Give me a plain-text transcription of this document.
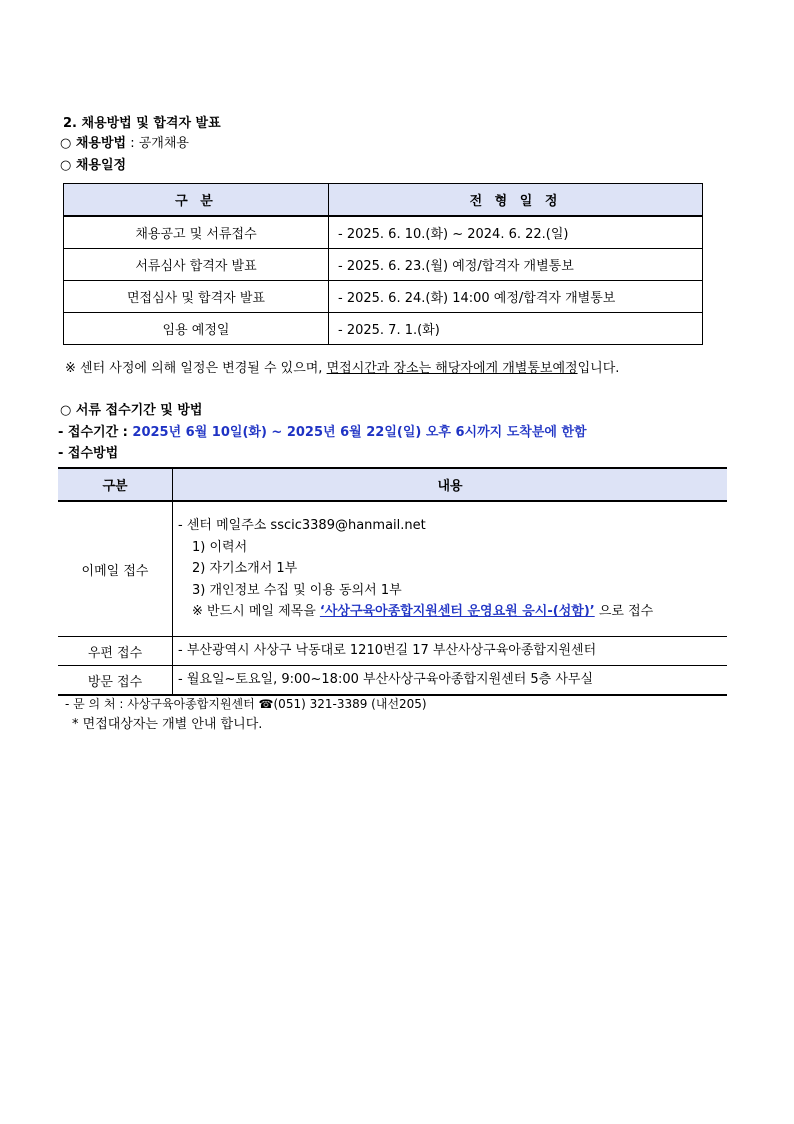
2. 채용방법 및 합격자 발표
○ 채용방법 : 공개채용
○ 채용일정
구 분	전 형 일 정
채용공고 및 서류접수	- 2025. 6. 10.(화) ~ 2024. 6. 22.(일)
서류심사 합격자 발표	- 2025. 6. 23.(월) 예정/합격자 개별통보
면접심사 및 합격자 발표	- 2025. 6. 24.(화) 14:00 예정/합격자 개별통보
임용 예정일	- 2025. 7. 1.(화)
※ 센터 사정에 의해 일정은 변경될 수 있으며, 면접시간과 장소는 해당자에게 개별통보예정입니다.
○ 서류 접수기간 및 방법
- 접수기간 : 2025년 6월 10일(화) ~ 2025년 6월 22일(일) 오후 6시까지 도착분에 한함
- 접수방법
구분	내용
이메일 접수	- 센터 메일주소 sscic3389@hanmail.net
1) 이력서
2) 자기소개서 1부
3) 개인정보 수집 및 이용 동의서 1부
※ 반드시 메일 제목을 ‘사상구육아종합지원센터 운영요원 응시-(성함)’ 으로 접수

우편 접수	- 부산광역시 사상구 낙동대로 1210번길 17 부산사상구육아종합지원센터
방문 접수	- 월요일~토요일, 9:00~18:00 부산사상구육아종합지원센터 5층 사무실
- 문 의 처 : 사상구육아종합지원센터 ☎(051) 321-3389 (내선205)
* 면접대상자는 개별 안내 합니다.
